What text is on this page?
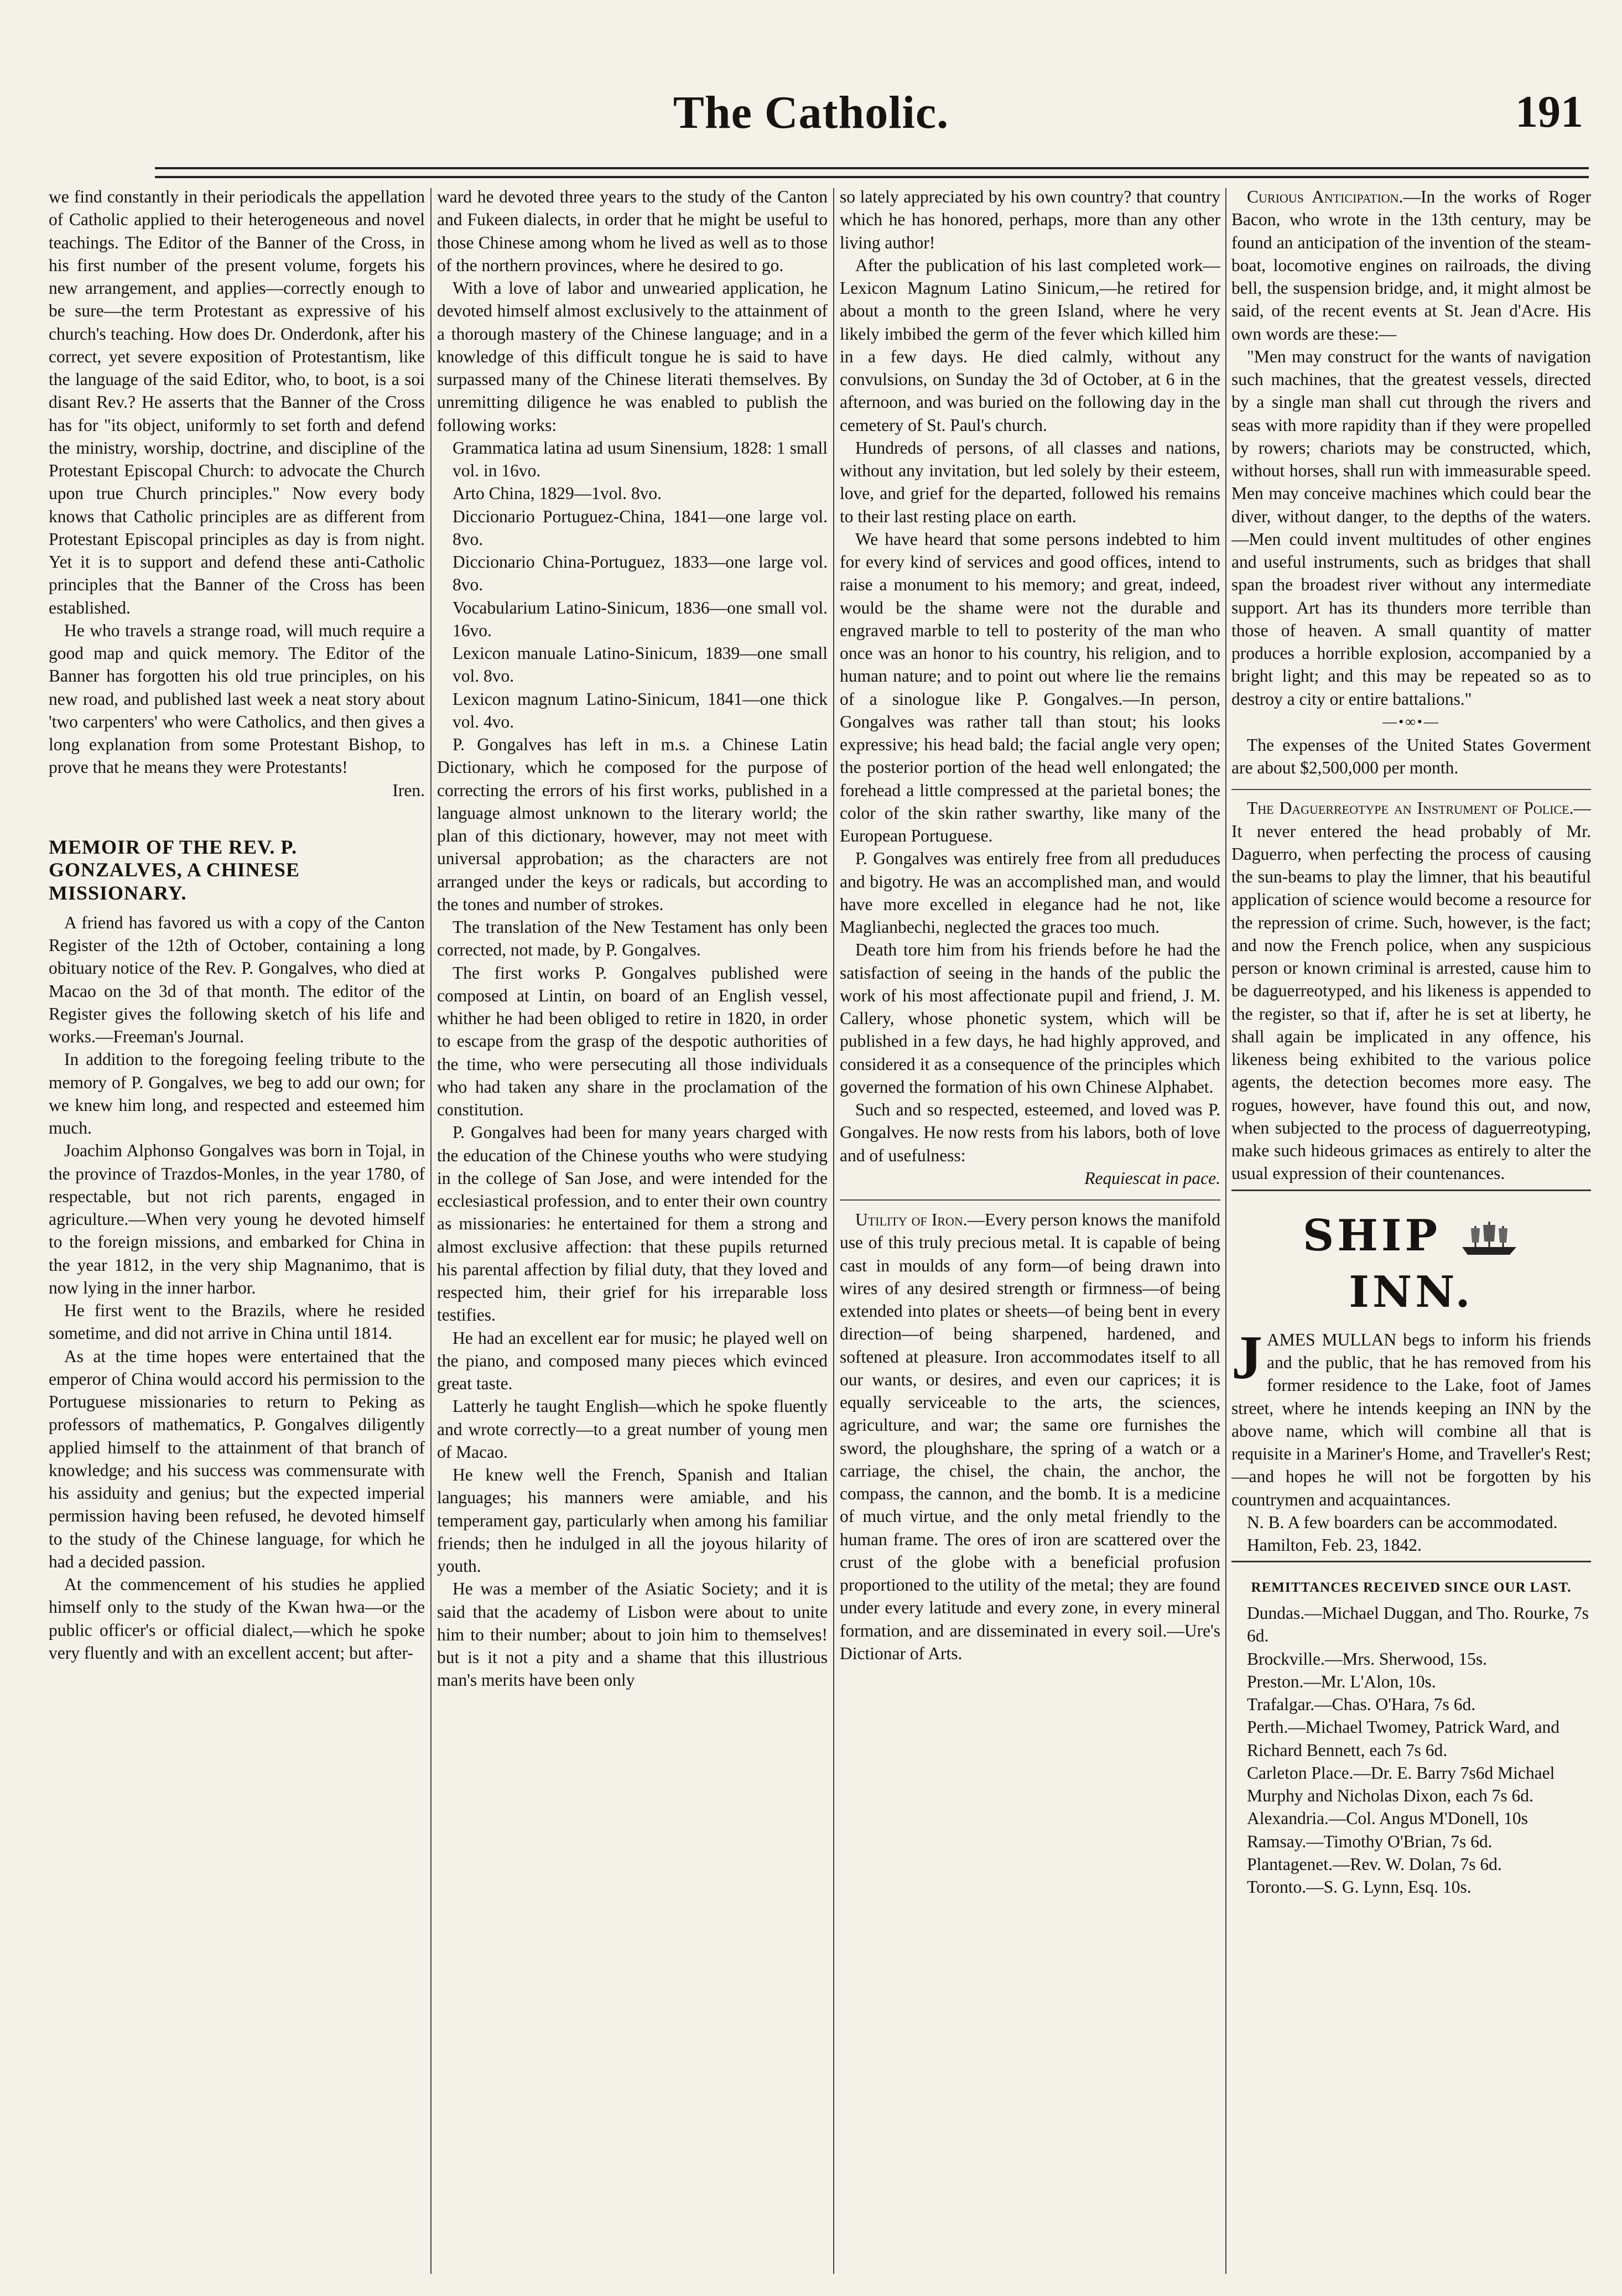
The Catholic.	191

we find constantly in their periodicals the appellation of Catholic applied to their heterogeneous and novel teachings. The Editor of the Banner of the Cross, in his first number of the present volume, forgets his new arrangement, and applies—correctly enough to be sure—the term Protestant as expressive of his church's teaching. How does Dr. Onderdonk, after his correct, yet severe exposition of Protestantism, like the language of the said Editor, who, to boot, is a soi disant Rev.? He asserts that the Banner of the Cross has for "its object, uniformly to set forth and defend the ministry, worship, doctrine, and discipline of the Protestant Episcopal Church: to advocate the Church upon true Church principles." Now every body knows that Catholic principles are as different from Protestant Episcopal principles as day is from night. Yet it is to support and defend these anti-Catholic principles that the Banner of the Cross has been established.

He who travels a strange road, will much require a good map and quick memory. The Editor of the Banner has forgotten his old true principles, on his new road, and published last week a neat story about 'two carpenters' who were Catholics, and then gives a long explanation from some Protestant Bishop, to prove that he means they were Protestants!

Iren.

MEMOIR OF THE REV. P. GONZALVES, A CHINESE MISSIONARY.

A friend has favored us with a copy of the Canton Register of the 12th of October, containing a long obituary notice of the Rev. P. Gongalves, who died at Macao on the 3d of that month. The editor of the Register gives the following sketch of his life and works.—Freeman's Journal.

In addition to the foregoing feeling tribute to the memory of P. Gongalves, we beg to add our own; for we knew him long, and respected and esteemed him much.

Joachim Alphonso Gongalves was born in Tojal, in the province of Trazdos-Monles, in the year 1780, of respectable, but not rich parents, engaged in agriculture.—When very young he devoted himself to the foreign missions, and embarked for China in the year 1812, in the very ship Magnanimo, that is now lying in the inner harbor.

He first went to the Brazils, where he resided sometime, and did not arrive in China until 1814.

As at the time hopes were entertained that the emperor of China would accord his permission to the Portuguese missionaries to return to Peking as professors of mathematics, P. Gongalves diligently applied himself to the attainment of that branch of knowledge; and his success was commensurate with his assiduity and genius; but the expected imperial permission having been refused, he devoted himself to the study of the Chinese language, for which he had a decided passion.

At the commencement of his studies he applied himself only to the study of the Kwan hwa—or the public officer's or official dialect,—which he spoke very fluently and with an excellent accent; but after-

ward he devoted three years to the study of the Canton and Fukeen dialects, in order that he might be useful to those Chinese among whom he lived as well as to those of the northern provinces, where he desired to go.

With a love of labor and unwearied application, he devoted himself almost exclusively to the attainment of a thorough mastery of the Chinese language; and in a knowledge of this difficult tongue he is said to have surpassed many of the Chinese literati themselves. By unremitting diligence he was enabled to publish the following works:

Grammatica latina ad usum Sinensium, 1828: 1 small vol. in 16vo.

Arto China, 1829—1vol. 8vo.

Diccionario Portuguez-China, 1841—one large vol. 8vo.

Diccionario China-Portuguez, 1833—one large vol. 8vo.

Vocabularium Latino-Sinicum, 1836—one small vol. 16vo.

Lexicon manuale Latino-Sinicum, 1839—one small vol. 8vo.

Lexicon magnum Latino-Sinicum, 1841—one thick vol. 4vo.

P. Gongalves has left in m.s. a Chinese Latin Dictionary, which he composed for the purpose of correcting the errors of his first works, published in a language almost unknown to the literary world; the plan of this dictionary, however, may not meet with universal approbation; as the characters are not arranged under the keys or radicals, but according to the tones and number of strokes.

The translation of the New Testament has only been corrected, not made, by P. Gongalves.

The first works P. Gongalves published were composed at Lintin, on board of an English vessel, whither he had been obliged to retire in 1820, in order to escape from the grasp of the despotic authorities of the time, who were persecuting all those individuals who had taken any share in the proclamation of the constitution.

P. Gongalves had been for many years charged with the education of the Chinese youths who were studying in the college of San Jose, and were intended for the ecclesiastical profession, and to enter their own country as missionaries: he entertained for them a strong and almost exclusive affection: that these pupils returned his parental affection by filial duty, that they loved and respected him, their grief for his irreparable loss testifies.

He had an excellent ear for music; he played well on the piano, and composed many pieces which evinced great taste.

Latterly he taught English—which he spoke fluently and wrote correctly—to a great number of young men of Macao.

He knew well the French, Spanish and Italian languages; his manners were amiable, and his temperament gay, particularly when among his familiar friends; then he indulged in all the joyous hilarity of youth.

He was a member of the Asiatic Society; and it is said that the academy of Lisbon were about to unite him to their number; about to join him to themselves! but is it not a pity and a shame that this illustrious man's merits have been only

so lately appreciated by his own country? that country which he has honored, perhaps, more than any other living author!

After the publication of his last completed work—Lexicon Magnum Latino Sinicum,—he retired for about a month to the green Island, where he very likely imbibed the germ of the fever which killed him in a few days. He died calmly, without any convulsions, on Sunday the 3d of October, at 6 in the afternoon, and was buried on the following day in the cemetery of St. Paul's church.

Hundreds of persons, of all classes and nations, without any invitation, but led solely by their esteem, love, and grief for the departed, followed his remains to their last resting place on earth.

We have heard that some persons indebted to him for every kind of services and good offices, intend to raise a monument to his memory; and great, indeed, would be the shame were not the durable and engraved marble to tell to posterity of the man who once was an honor to his country, his religion, and to human nature; and to point out where lie the remains of a sinologue like P. Gongalves.—In person, Gongalves was rather tall than stout; his looks expressive; his head bald; the facial angle very open; the posterior portion of the head well enlongated; the forehead a little compressed at the parietal bones; the color of the skin rather swarthy, like many of the European Portuguese.

P. Gongalves was entirely free from all preduduces and bigotry. He was an accomplished man, and would have more excelled in elegance had he not, like Maglianbechi, neglected the graces too much.

Death tore him from his friends before he had the satisfaction of seeing in the hands of the public the work of his most affectionate pupil and friend, J. M. Callery, whose phonetic system, which will be published in a few days, he had highly approved, and considered it as a consequence of the principles which governed the formation of his own Chinese Alphabet.

Such and so respected, esteemed, and loved was P. Gongalves. He now rests from his labors, both of love and of usefulness:

Requiescat in pace.

Utility of Iron.—Every person knows the manifold use of this truly precious metal. It is capable of being cast in moulds of any form—of being drawn into wires of any desired strength or firmness—of being extended into plates or sheets—of being bent in every direction—of being sharpened, hardened, and softened at pleasure. Iron accommodates itself to all our wants, or desires, and even our caprices; it is equally serviceable to the arts, the sciences, agriculture, and war; the same ore furnishes the sword, the ploughshare, the spring of a watch or a carriage, the chisel, the chain, the anchor, the compass, the cannon, and the bomb. It is a medicine of much virtue, and the only metal friendly to the human frame. The ores of iron are scattered over the crust of the globe with a beneficial profusion proportioned to the utility of the metal; they are found under every latitude and every zone, in every mineral formation, and are disseminated in every soil.—Ure's Dictionar of Arts.

Curious Anticipation.—In the works of Roger Bacon, who wrote in the 13th century, may be found an anticipation of the invention of the steam-boat, locomotive engines on railroads, the diving bell, the suspension bridge, and, it might almost be said, of the recent events at St. Jean d'Acre. His own words are these:—

"Men may construct for the wants of navigation such machines, that the greatest vessels, directed by a single man shall cut through the rivers and seas with more rapidity than if they were propelled by rowers; chariots may be constructed, which, without horses, shall run with immeasurable speed. Men may conceive machines which could bear the diver, without danger, to the depths of the waters.—Men could invent multitudes of other engines and useful instruments, such as bridges that shall span the broadest river without any intermediate support. Art has its thunders more terrible than those of heaven. A small quantity of matter produces a horrible explosion, accompanied by a bright light; and this may be repeated so as to destroy a city or entire battalions."

—•∞•—

The expenses of the United States Goverment are about $2,500,000 per month.

The Daguerreotype an Instrument of Police.—It never entered the head probably of Mr. Daguerro, when perfecting the process of causing the sun-beams to play the limner, that his beautiful application of science would become a resource for the repression of crime. Such, however, is the fact; and now the French police, when any suspicious person or known criminal is arrested, cause him to be daguerreotyped, and his likeness is appended to the register, so that if, after he is set at liberty, he shall again be implicated in any offence, his likeness being exhibited to the various police agents, the detection becomes more easy. The rogues, however, have found this out, and now, when subjected to the process of daguerreotyping, make such hideous grimaces as entirely to alter the usual expression of their countenances.

SHIP  INN.

JAMES MULLAN begs to inform his friends and the public, that he has removed from his former residence to the Lake, foot of James street, where he intends keeping an INN by the above name, which will combine all that is requisite in a Mariner's Home, and Traveller's Rest;—and hopes he will not be forgotten by his countrymen and acquaintances.

N. B. A few boarders can be accommodated.

Hamilton, Feb. 23, 1842.

REMITTANCES RECEIVED SINCE OUR LAST.

Dundas.—Michael Duggan, and Tho. Rourke, 7s 6d.

Brockville.—Mrs. Sherwood, 15s.

Preston.—Mr. L'Alon, 10s.

Trafalgar.—Chas. O'Hara, 7s 6d.

Perth.—Michael Twomey, Patrick Ward, and Richard Bennett, each 7s 6d.

Carleton Place.—Dr. E. Barry 7s6d Michael Murphy and Nicholas Dixon, each 7s 6d.

Alexandria.—Col. Angus M'Donell, 10s

Ramsay.—Timothy O'Brian, 7s 6d.

Plantagenet.—Rev. W. Dolan, 7s 6d.

Toronto.—S. G. Lynn, Esq. 10s.
